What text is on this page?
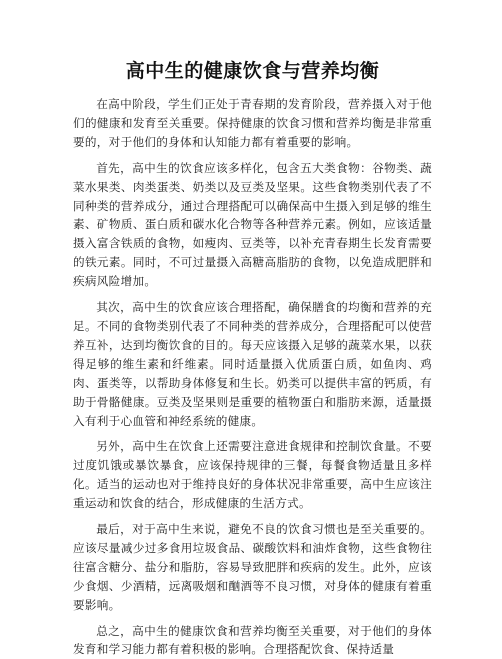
高中生的健康饮食与营养均衡

在高中阶段，学生们正处于青春期的发育阶段，营养摄入对于他们的健康和发育至关重要。保持健康的饮食习惯和营养均衡是非常重要的，对于他们的身体和认知能力都有着重要的影响。

首先，高中生的饮食应该多样化，包含五大类食物：谷物类、蔬菜水果类、肉类蛋类、奶类以及豆类及坚果。这些食物类别代表了不同种类的营养成分，通过合理搭配可以确保高中生摄入到足够的维生素、矿物质、蛋白质和碳水化合物等各种营养元素。例如，应该适量摄入富含铁质的食物，如瘦肉、豆类等，以补充青春期生长发育需要的铁元素。同时，不可过量摄入高糖高脂肪的食物，以免造成肥胖和疾病风险增加。

其次，高中生的饮食应该合理搭配，确保膳食的均衡和营养的充足。不同的食物类别代表了不同种类的营养成分，合理搭配可以使营养互补，达到均衡饮食的目的。每天应该摄入足够的蔬菜水果，以获得足够的维生素和纤维素。同时适量摄入优质蛋白质，如鱼肉、鸡肉、蛋类等，以帮助身体修复和生长。奶类可以提供丰富的钙质，有助于骨骼健康。豆类及坚果则是重要的植物蛋白和脂肪来源，适量摄入有利于心血管和神经系统的健康。

另外，高中生在饮食上还需要注意进食规律和控制饮食量。不要过度饥饿或暴饮暴食，应该保持规律的三餐，每餐食物适量且多样化。适当的运动也对于维持良好的身体状况非常重要，高中生应该注重运动和饮食的结合，形成健康的生活方式。

最后，对于高中生来说，避免不良的饮食习惯也是至关重要的。应该尽量减少过多食用垃圾食品、碳酸饮料和油炸食物，这些食物往往富含糖分、盐分和脂肪，容易导致肥胖和疾病的发生。此外，应该少食烟、少酒精，远离吸烟和酗酒等不良习惯，对身体的健康有着重要影响。

总之，高中生的健康饮食和营养均衡至关重要，对于他们的身体发育和学习能力都有着积极的影响。合理搭配饮食、保持适量
